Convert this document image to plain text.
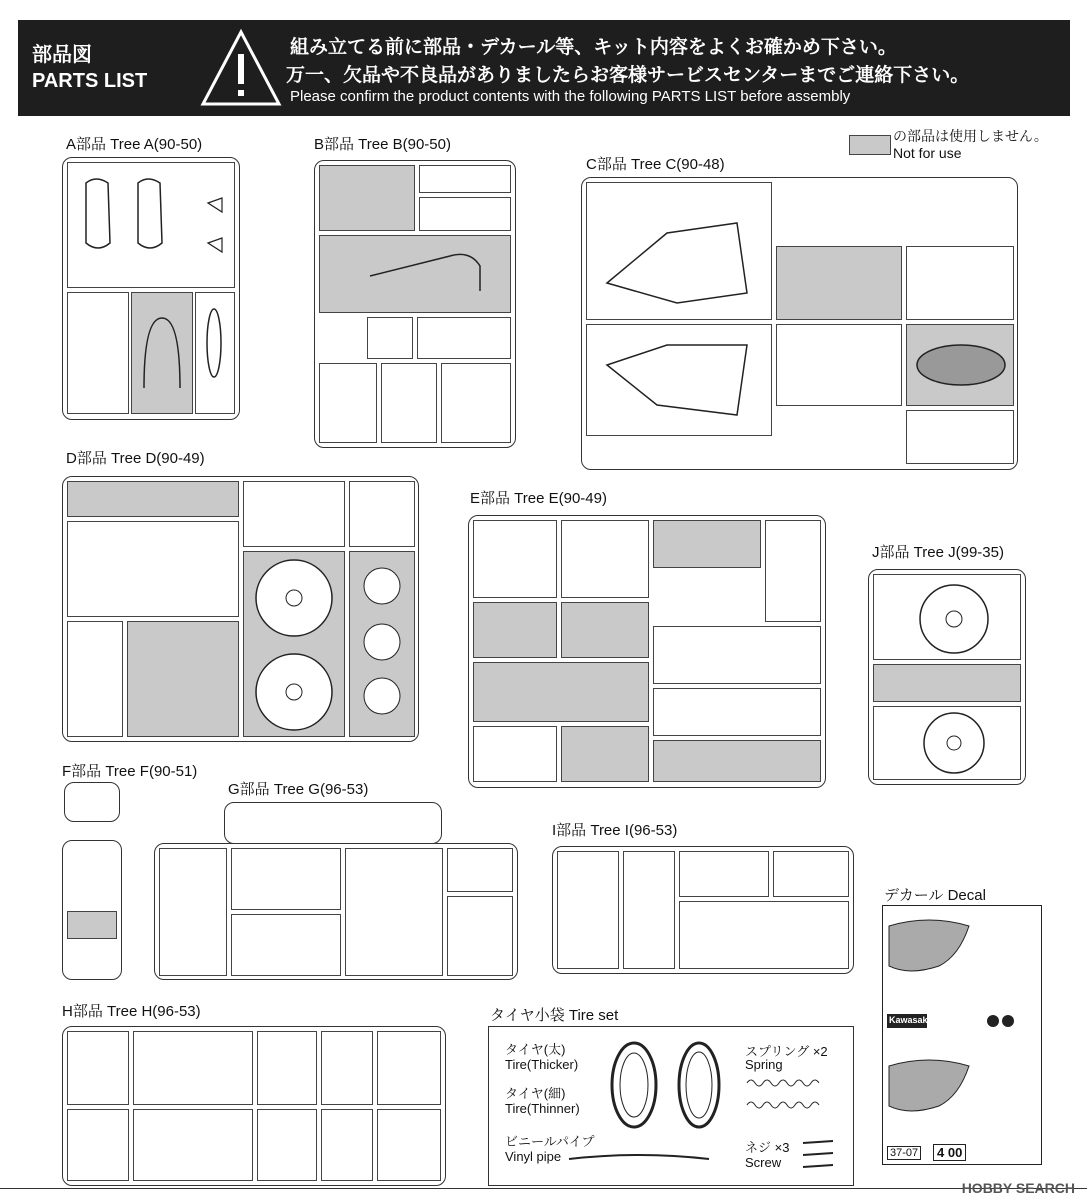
部品図
PARTS LIST
組み立てる前に部品・デカール等、キット内容をよくお確かめ下さい。
万一、欠品や不良品がありましたらお客様サービスセンターまでご連絡下さい。
Please confirm the product contents with the following PARTS LIST before assembly
の部品は使用しません。
Not for use
A部品 Tree A(90-50)	B部品 Tree B(90-50)
C部品 Tree C(90-48)
D部品 Tree D(90-49)
E部品 Tree E(90-49)
J部品 Tree J(99-35)
F部品 Tree F(90-51)
G部品 Tree G(96-53)
I部品 Tree I(96-53)
H部品 Tree H(96-53)	タイヤ小袋 Tire set
タイヤ(太)
Tire(Thicker)
タイヤ(細)
Tire(Thinner)
ビニールパイプ
Vinyl pipe
スプリング ×2
Spring
ネジ ×3
Screw
デカール Decal
Kawasaki
37-07	4 00
HOBBY SEARCH
